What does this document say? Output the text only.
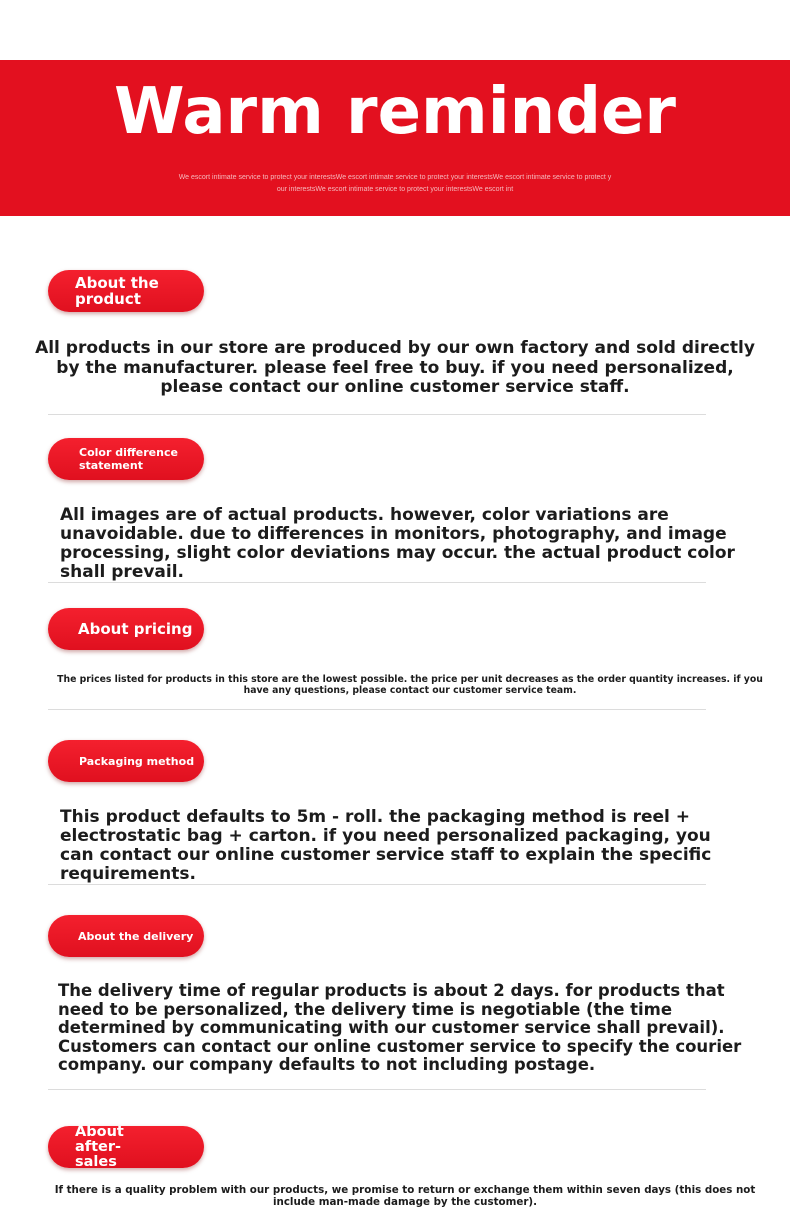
Warm reminder
We escort intimate service to protect your interestsWe escort intimate service to protect your interestsWe escort intimate service to protect y
our interestsWe escort intimate service to protect your interestsWe escort int
About the product
All products in our store are produced by our own factory and sold directly by the manufacturer. please feel free to buy. if you need personalized, please contact our online customer service staff.
Color difference statement
All images are of actual products. however, color variations are unavoidable. due to differences in monitors, photography, and image processing, slight color deviations may occur. the actual product color shall prevail.
About pricing
The prices listed for products in this store are the lowest possible. the price per unit decreases as the order quantity increases. if you have any questions, please contact our customer service team.
Packaging method
This product defaults to 5m - roll. the packaging method is reel + electrostatic bag + carton. if you need personalized packaging, you can contact our online customer service staff to explain the specific requirements.
About the delivery
The delivery time of regular products is about 2 days. for products that need to be personalized, the delivery time is negotiable (the time determined by communicating with our customer service shall prevail). Customers can contact our online customer service to specify the courier company. our company defaults to not including postage.
About after-sales
If there is a quality problem with our products, we promise to return or exchange them within seven days (this does not include man-made damage by the customer).
